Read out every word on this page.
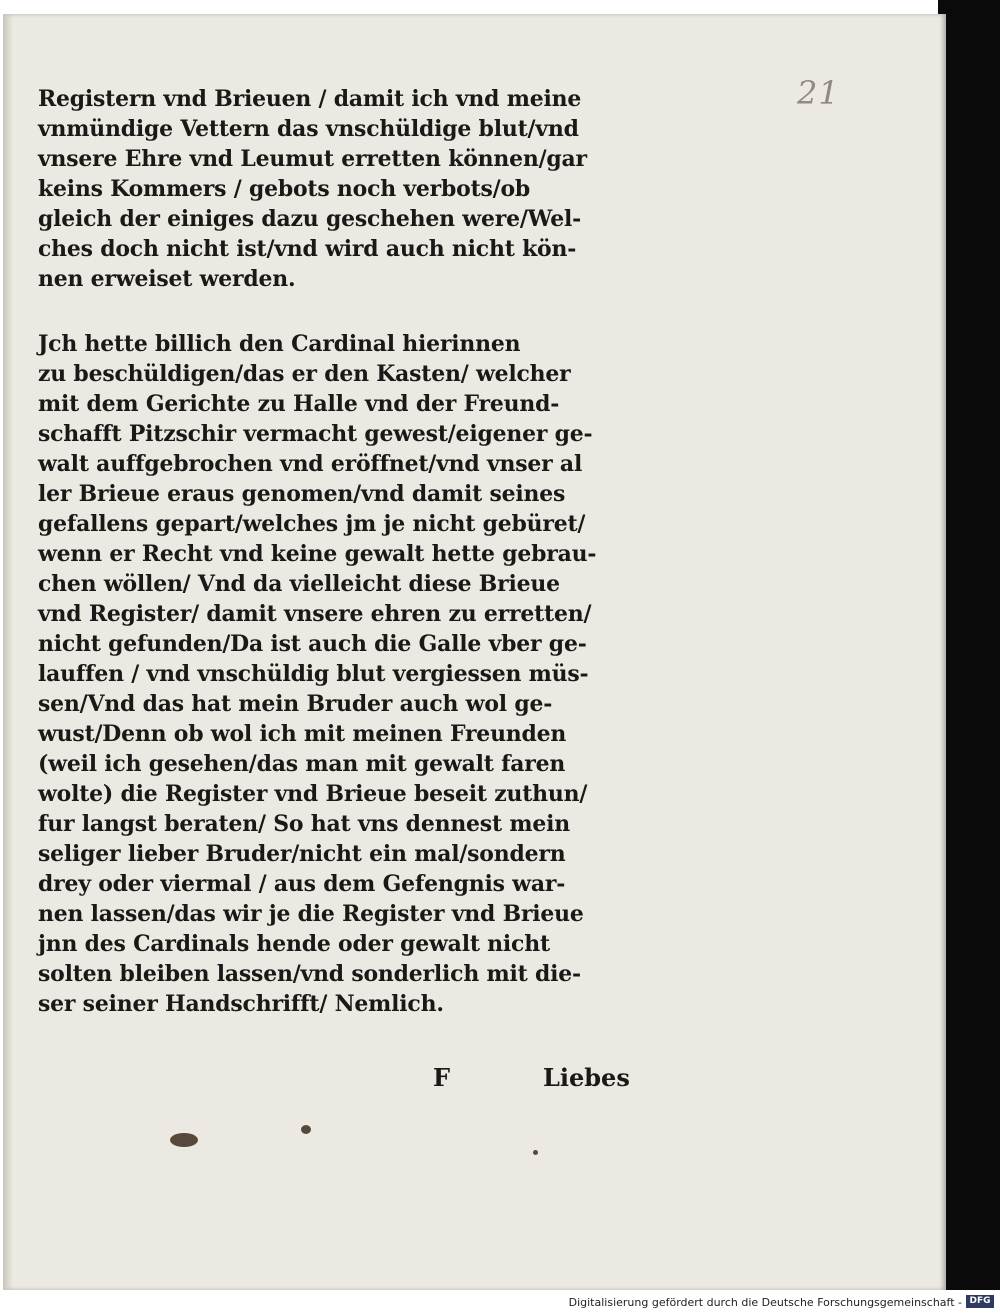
21
Registern vnd Brieuen / damit ich vnd meine
vnmündige Vettern das vnschüldige blut/vnd
vnsere Ehre vnd Leumut erretten können/gar
keins Kommers / gebots noch verbots/ob
gleich der einiges dazu geschehen were/Wel-
ches doch nicht ist/vnd wird auch nicht kön-
nen erweiset werden.
Jch hette billich den Cardinal hierinnen
zu beschüldigen/das er den Kasten/ welcher
mit dem Gerichte zu Halle vnd der Freund-
schafft Pitzschir vermacht gewest/eigener ge-
walt auffgebrochen vnd eröffnet/vnd vnser al
ler Brieue eraus genomen/vnd damit seines
gefallens gepart/welches jm je nicht gebüret/
wenn er Recht vnd keine gewalt hette gebrau-
chen wöllen/ Vnd da vielleicht diese Brieue
vnd Register/ damit vnsere ehren zu erretten/
nicht gefunden/Da ist auch die Galle vber ge-
lauffen / vnd vnschüldig blut vergiessen müs-
sen/Vnd das hat mein Bruder auch wol ge-
wust/Denn ob wol ich mit meinen Freunden
(weil ich gesehen/das man mit gewalt faren
wolte) die Register vnd Brieue beseit zuthun/
fur langst beraten/ So hat vns dennest mein
seliger lieber Bruder/nicht ein mal/sondern
drey oder viermal / aus dem Gefengnis war-
nen lassen/das wir je die Register vnd Brieue
jnn des Cardinals hende oder gewalt nicht
solten bleiben lassen/vnd sonderlich mit die-
ser seiner Handschrifft/ Nemlich.
F	Liebes
Digitalisierung gefördert durch die Deutsche Forschungsgemeinschaft - DFG
